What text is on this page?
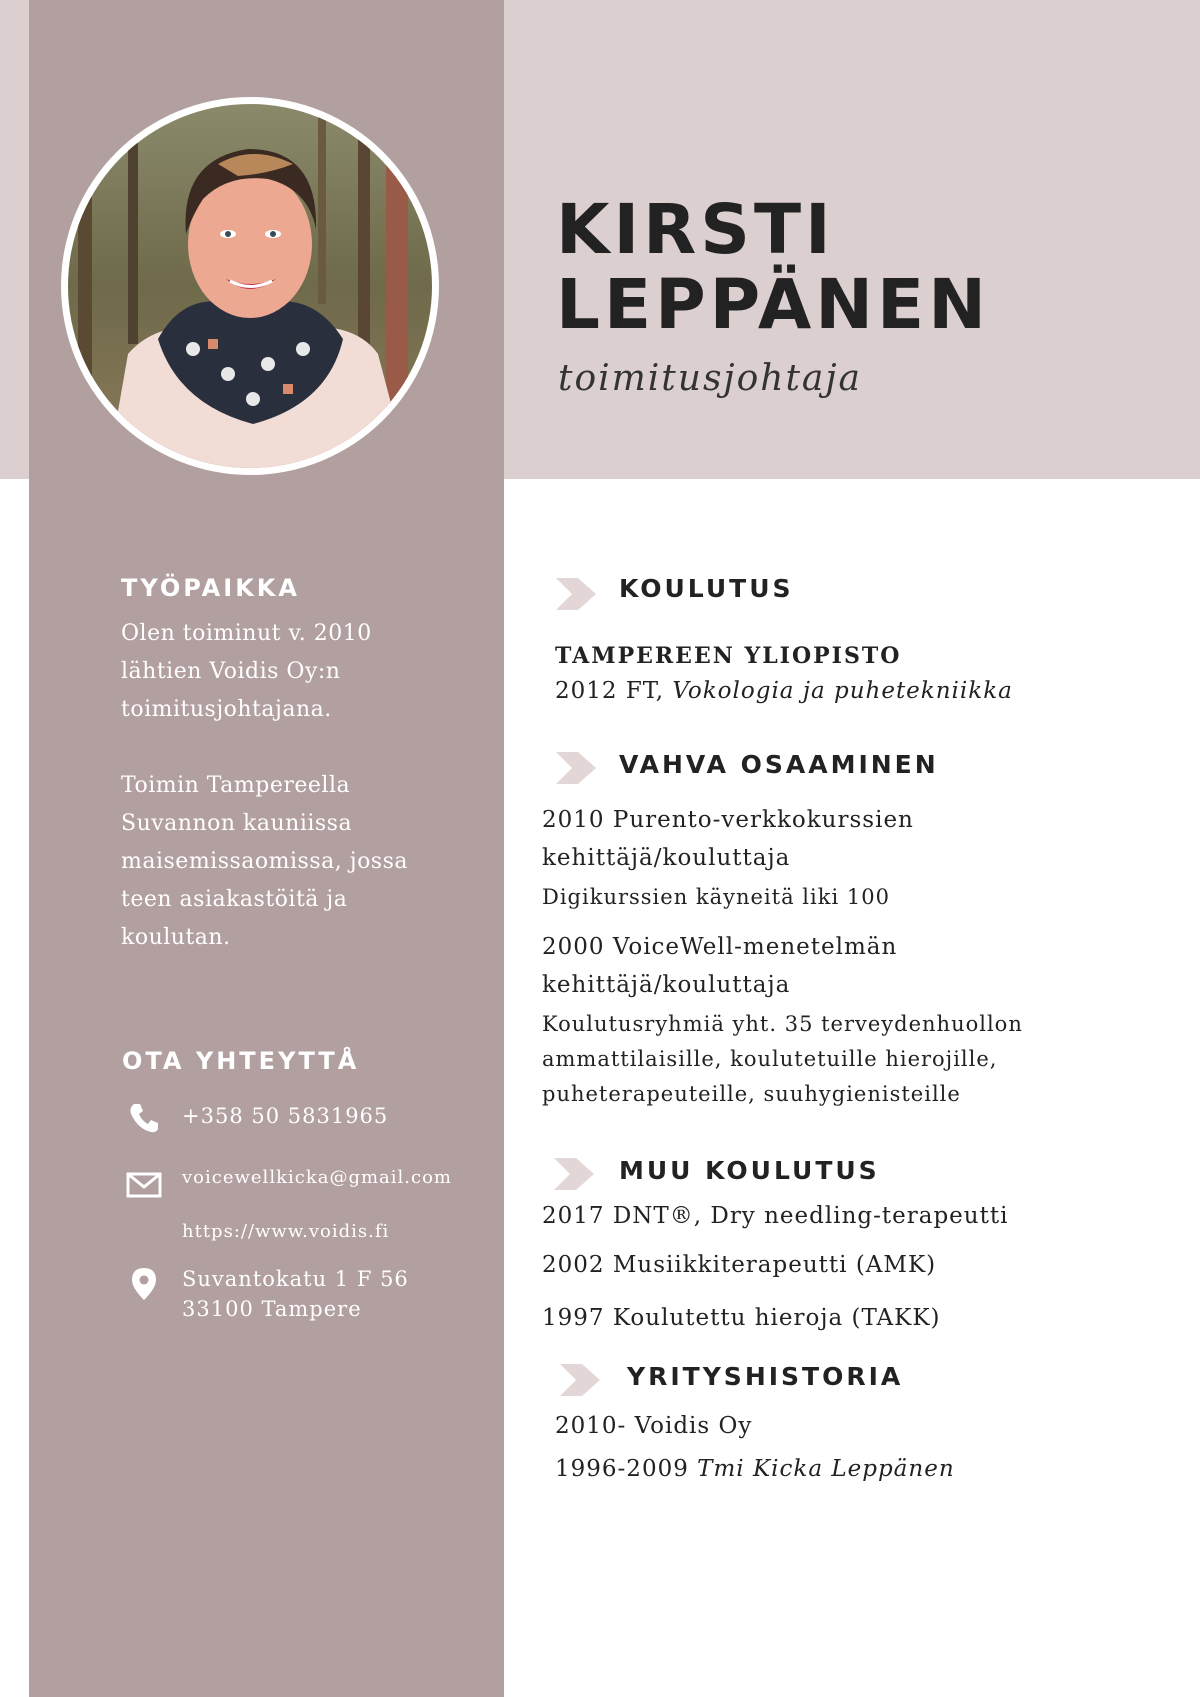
KIRSTI
LEPPÄNEN
toimitusjohtaja
TYÖPAIKKA
Olen toiminut v. 2010
lähtien Voidis Oy:n
toimitusjohtajana.
Toimin Tampereella
Suvannon kauniissa
maisemissaomissa, jossa
teen asiakastöitä ja
koulutan.
OTA YHTEYTTÅ
+358 50 5831965
voicewellkicka@gmail.com
https://www.voidis.fi
Suvantokatu 1 F 56
33100 Tampere
KOULUTUS
TAMPEREEN YLIOPISTO
2012 FT, Vokologia ja puhetekniikka
VAHVA OSAAMINEN
2010 Purento-verkkokurssien
kehittäjä/kouluttaja
Digikurssien käyneitä liki 100
2000 VoiceWell-menetelmän
kehittäjä/kouluttaja
Koulutusryhmiä yht. 35 terveydenhuollon
ammattilaisille, koulutetuille hierojille,
puheterapeuteille, suuhygienisteille
MUU KOULUTUS
2017 DNT®, Dry needling-terapeutti
2002 Musiikkiterapeutti (AMK)
1997 Koulutettu hieroja (TAKK)
YRITYSHISTORIA
2010- Voidis Oy
1996-2009 Tmi Kicka Leppänen
